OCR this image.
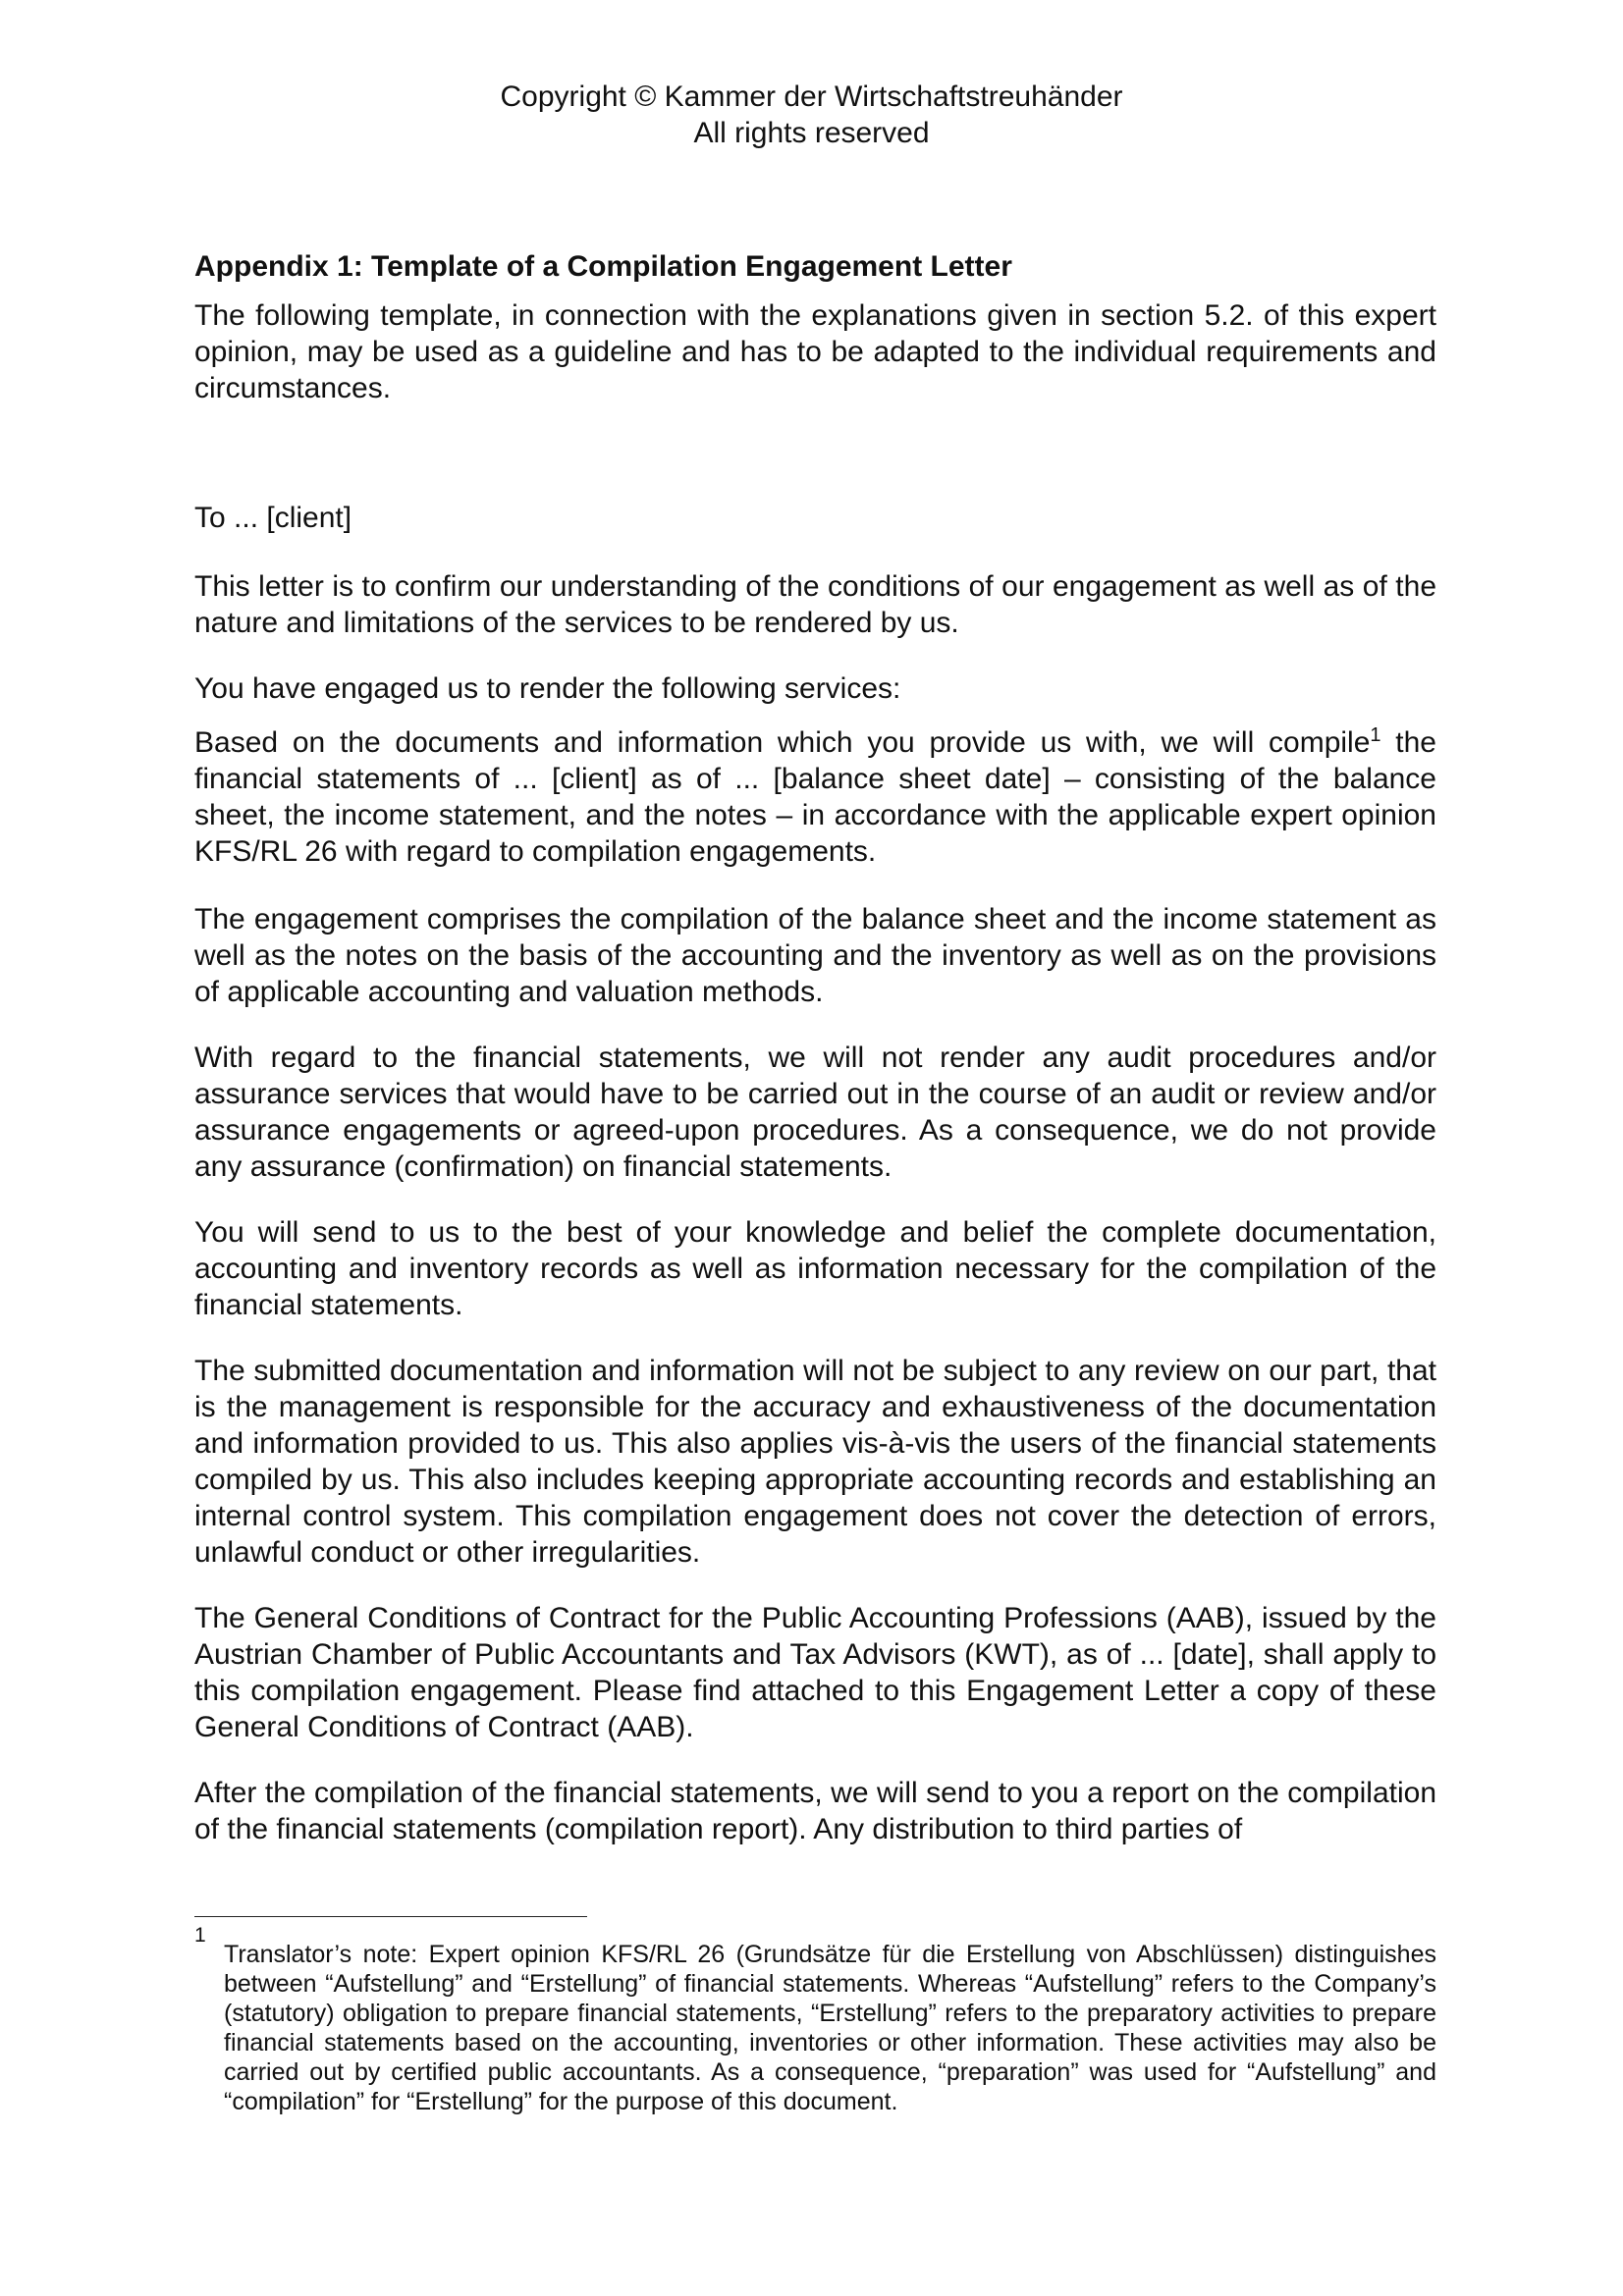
Copyright © Kammer der Wirtschaftstreuhänder
All rights reserved
Appendix 1: Template of a Compilation Engagement Letter
The following template, in connection with the explanations given in section 5.2. of this expert opinion, may be used as a guideline and has to be adapted to the individual requirements and circumstances.
To ... [client]
This letter is to confirm our understanding of the conditions of our engagement as well as of the nature and limitations of the services to be rendered by us.
You have engaged us to render the following services:
Based on the documents and information which you provide us with, we will compile$^1$ the financial statements of ... [client] as of ... [balance sheet date] – consisting of the balance sheet, the income statement, and the notes – in accordance with the applicable expert opinion KFS/RL 26 with regard to compilation engagements.
The engagement comprises the compilation of the balance sheet and the income statement as well as the notes on the basis of the accounting and the inventory as well as on the provisions of applicable accounting and valuation methods.
With regard to the financial statements, we will not render any audit procedures and/or assurance services that would have to be carried out in the course of an audit or review and/or assurance engagements or agreed-upon procedures. As a consequence, we do not provide any assurance (confirmation) on financial statements.
You will send to us to the best of your knowledge and belief the complete documentation, accounting and inventory records as well as information necessary for the compilation of the financial statements.
The submitted documentation and information will not be subject to any review on our part, that is the management is responsible for the accuracy and exhaustiveness of the documentation and information provided to us. This also applies vis-à-vis the users of the financial statements compiled by us. This also includes keeping appropriate accounting records and establishing an internal control system. This compilation engagement does not cover the detection of errors, unlawful conduct or other irregularities.
The General Conditions of Contract for the Public Accounting Professions (AAB), issued by the Austrian Chamber of Public Accountants and Tax Advisors (KWT), as of ... [date], shall apply to this compilation engagement. Please find attached to this Engagement Letter a copy of these General Conditions of Contract (AAB).
After the compilation of the financial statements, we will send to you a report on the compilation of the financial statements (compilation report). Any distribution to third parties of
1
Translator’s note: Expert opinion KFS/RL 26 (Grundsätze für die Erstellung von Abschlüssen) distinguishes between “Aufstellung” and “Erstellung” of financial statements. Whereas “Aufstellung” refers to the Company’s (statutory) obligation to prepare financial statements, “Erstellung” refers to the preparatory activities to prepare financial statements based on the accounting, inventories or other information. These activities may also be carried out by certified public accountants. As a consequence, “preparation” was used for “Aufstellung” and “compilation” for “Erstellung” for the purpose of this document.
